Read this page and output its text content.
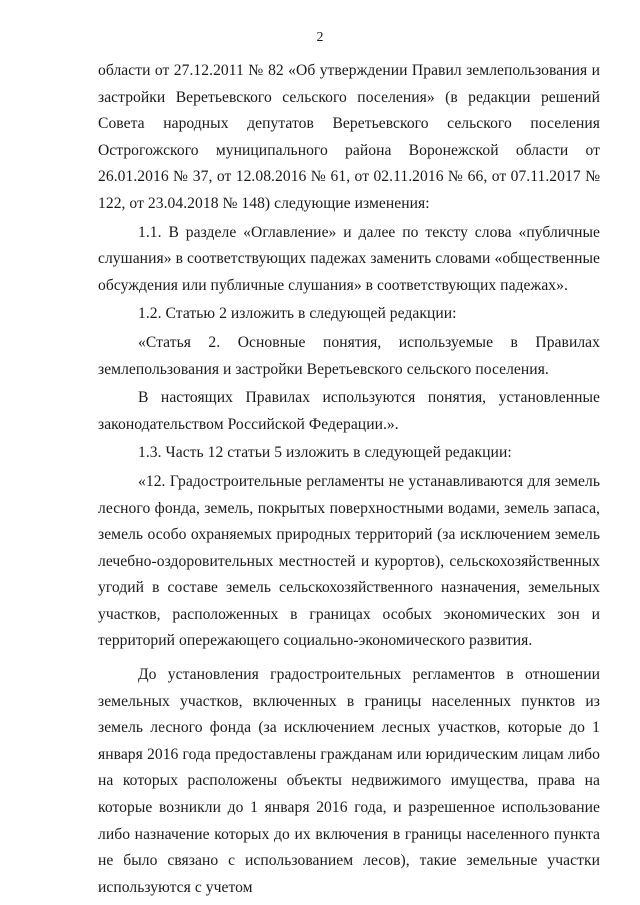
2

области от 27.12.2011 № 82 «Об утверждении Правил землепользования и застройки Веретьевского сельского поселения» (в редакции решений Совета народных депутатов Веретьевского сельского поселения Острогожского муниципального района Воронежской области от 26.01.2016 № 37, от 12.08.2016 № 61, от 02.11.2016 № 66, от 07.11.2017 № 122, от 23.04.2018 № 148) следующие изменения:

1.1. В разделе «Оглавление» и далее по тексту слова «публичные слушания» в соответствующих падежах заменить словами «общественные обсуждения или публичные слушания» в соответствующих падежах».

1.2. Статью 2 изложить в следующей редакции:

«Статья 2. Основные понятия, используемые в Правилах землепользования и застройки Веретьевского сельского поселения.

В настоящих Правилах используются понятия, установленные законодательством Российской Федерации.».

1.3. Часть 12 статьи 5 изложить в следующей редакции:

«12. Градостроительные регламенты не устанавливаются для земель лесного фонда, земель, покрытых поверхностными водами, земель запаса, земель особо охраняемых природных территорий (за исключением земель лечебно-оздоровительных местностей и курортов), сельскохозяйственных угодий в составе земель сельскохозяйственного назначения, земельных участков, расположенных в границах особых экономических зон и территорий опережающего социально-экономического развития.

До установления градостроительных регламентов в отношении земельных участков, включенных в границы населенных пунктов из земель лесного фонда (за исключением лесных участков, которые до 1 января 2016 года предоставлены гражданам или юридическим лицам либо на которых расположены объекты недвижимого имущества, права на которые возникли до 1 января 2016 года, и разрешенное использование либо назначение которых до их включения в границы населенного пункта не было связано с использованием лесов), такие земельные участки используются с учетом
